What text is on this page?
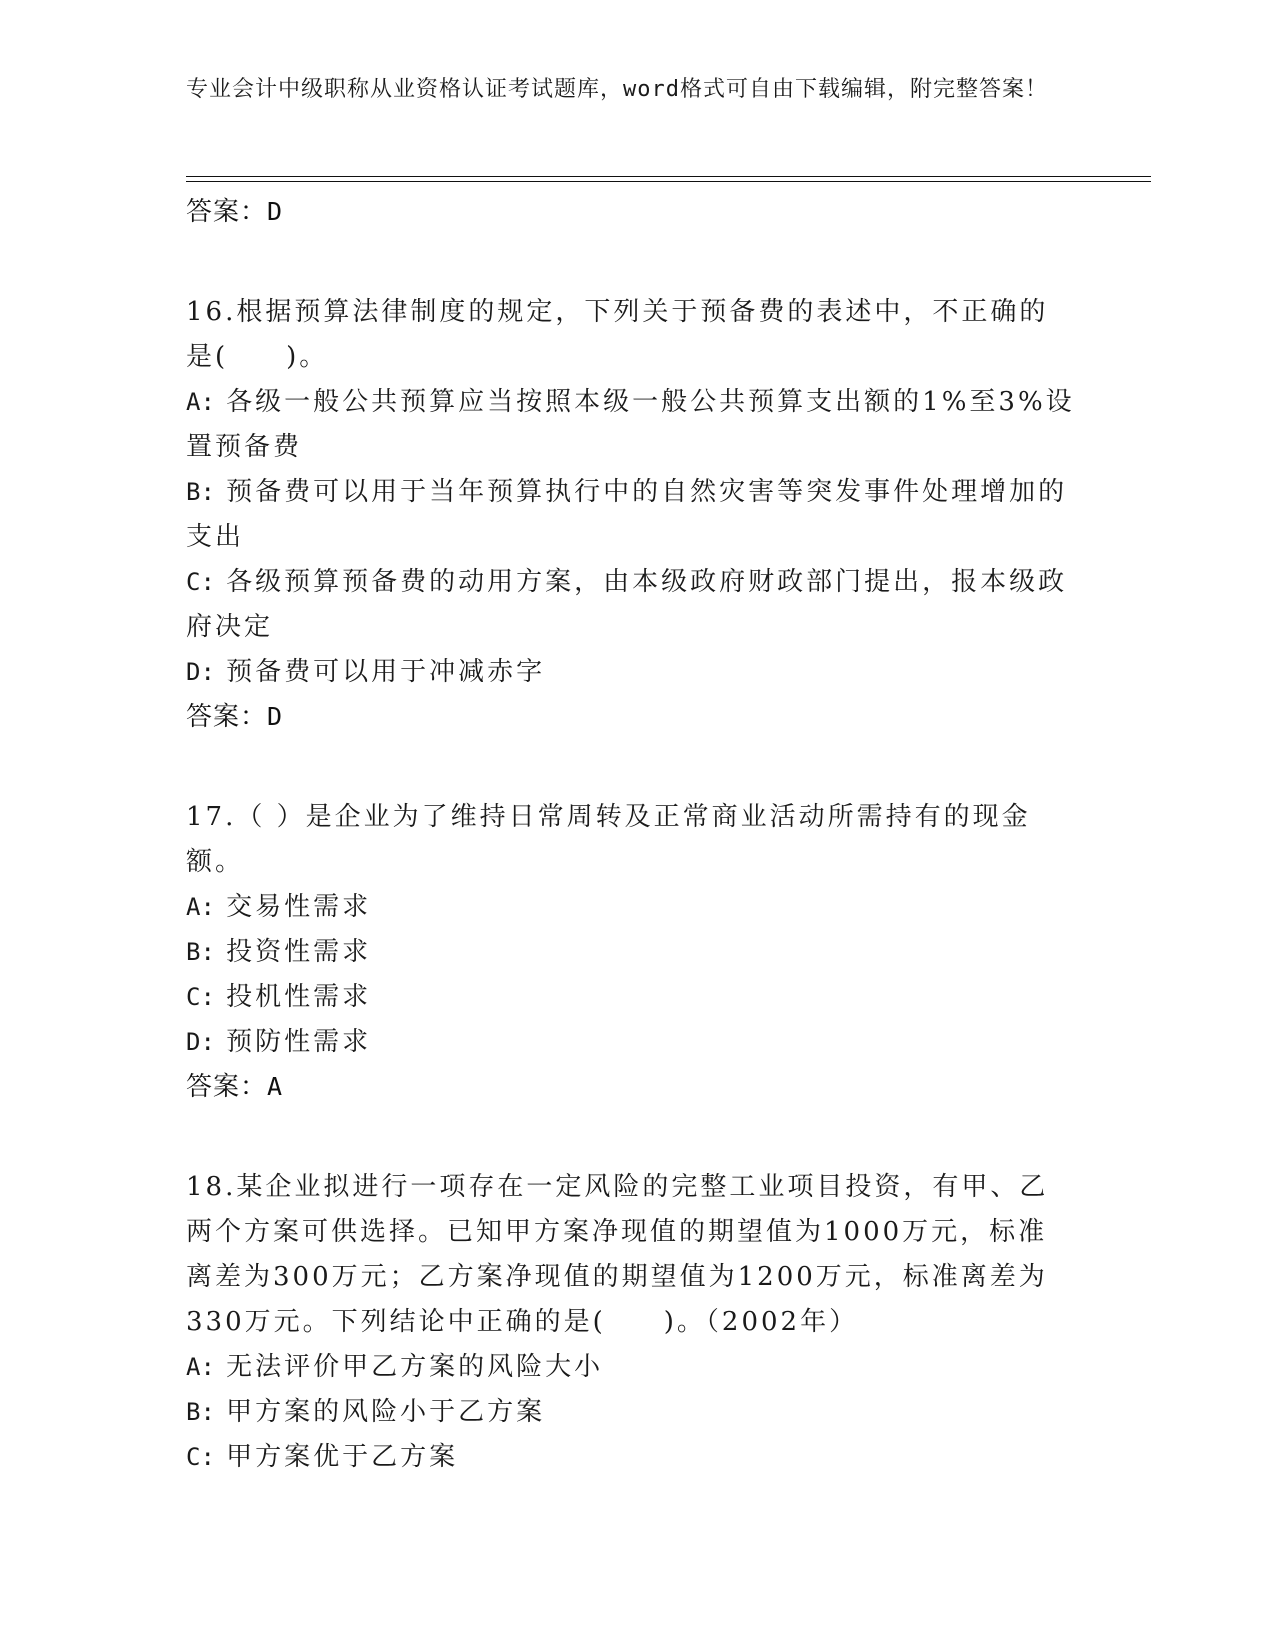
专业会计中级职称从业资格认证考试题库，word格式可自由下载编辑，附完整答案！
答案：D

16.根据预算法律制度的规定，下列关于预备费的表述中，不正确的是(　　)。

A: 各级一般公共预算应当按照本级一般公共预算支出额的1%至3%设置预备费

B: 预备费可以用于当年预算执行中的自然灾害等突发事件处理增加的支出

C: 各级预算预备费的动用方案，由本级政府财政部门提出，报本级政府决定

D: 预备费可以用于冲减赤字

答案：D

17.（ ）是企业为了维持日常周转及正常商业活动所需持有的现金额。

A: 交易性需求

B: 投资性需求

C: 投机性需求

D: 预防性需求

答案：A

18.某企业拟进行一项存在一定风险的完整工业项目投资，有甲、乙两个方案可供选择。已知甲方案净现值的期望值为1000万元，标准离差为300万元；乙方案净现值的期望值为1200万元，标准离差为330万元。下列结论中正确的是(　　)。（2002年）

A: 无法评价甲乙方案的风险大小

B: 甲方案的风险小于乙方案

C: 甲方案优于乙方案
